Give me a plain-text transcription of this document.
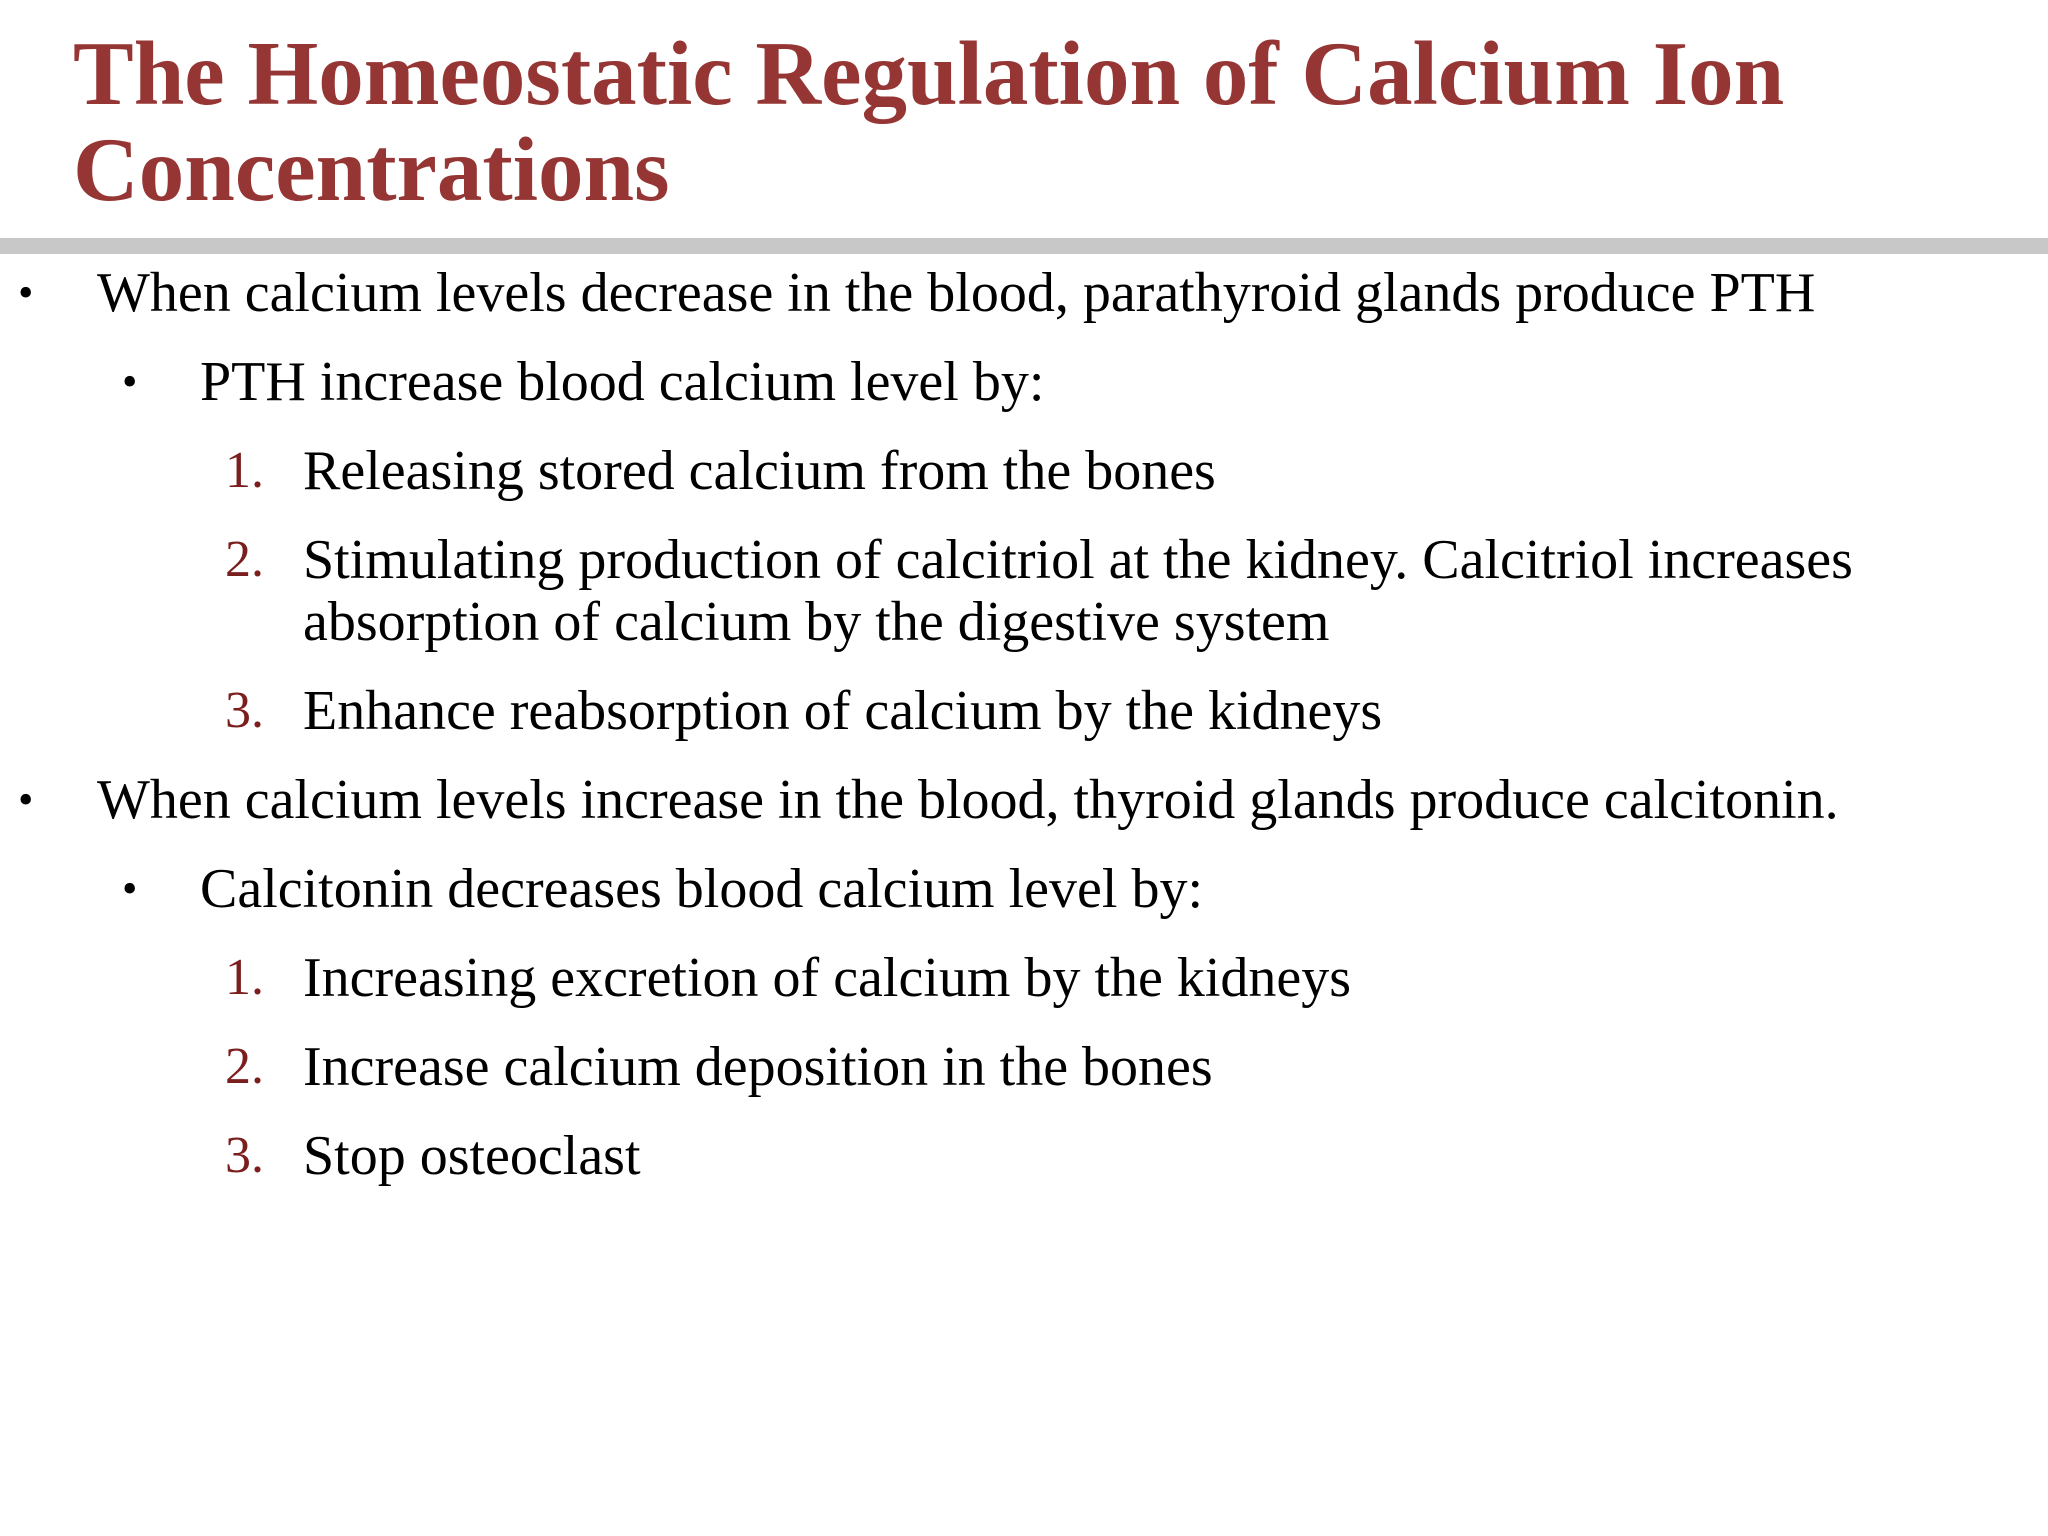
The Homeostatic Regulation of Calcium Ion Concentrations
• When calcium levels decrease in the blood, parathyroid glands produce PTH
• PTH increase blood calcium level by:
1. Releasing stored calcium from the bones
2. Stimulating production of calcitriol at the kidney. Calcitriol increases absorption of calcium by the digestive system
3. Enhance reabsorption of calcium by the kidneys
• When calcium levels increase in the blood, thyroid glands produce calcitonin.
• Calcitonin decreases blood calcium level by:
1. Increasing excretion of calcium by the kidneys
2. Increase calcium deposition in the bones
3. Stop osteoclast
